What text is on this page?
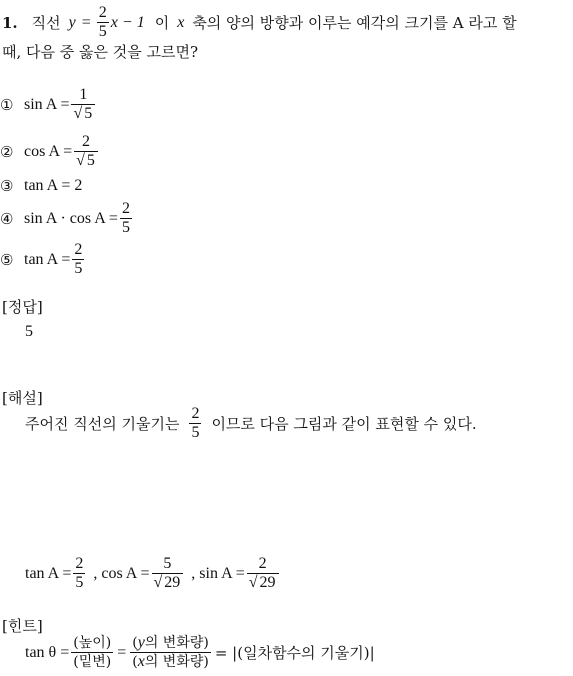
1. 직선 $y = \frac{2}{5}$ x − 1 이 x 축의 양의 방향과 이루는 예각의 크기를 A 라고 할
때, 다음 중 옳은 것을 고르면?
① $\sin A = \frac{1}{√ 5}$
② $\cos A = \frac{2}{√ 5}$
③ tan A = 2
④ $\sin A \cdot \cos A = \frac{2}{5}$
⑤ $\tan A = \frac{2}{5}$
[정답]
5
[해설]
주어진 직선의 기울기는 $\frac{2}{5}$ 이므로 다음 그림과 같이 표현할 수 있다.
$\tan A = \frac{2}{5}$ , $\cos A = \frac{5}{√ 29}$ , $\sin A = \frac{2}{√ 29}$
[힌트]
$\tan \theta = \frac{\text{(높이)}}{\text{(밑변)}} = \frac{\text{(y의 변화량)}}{\text{(x의 변화량)}}$ = |(일차함수의 기울기)|
